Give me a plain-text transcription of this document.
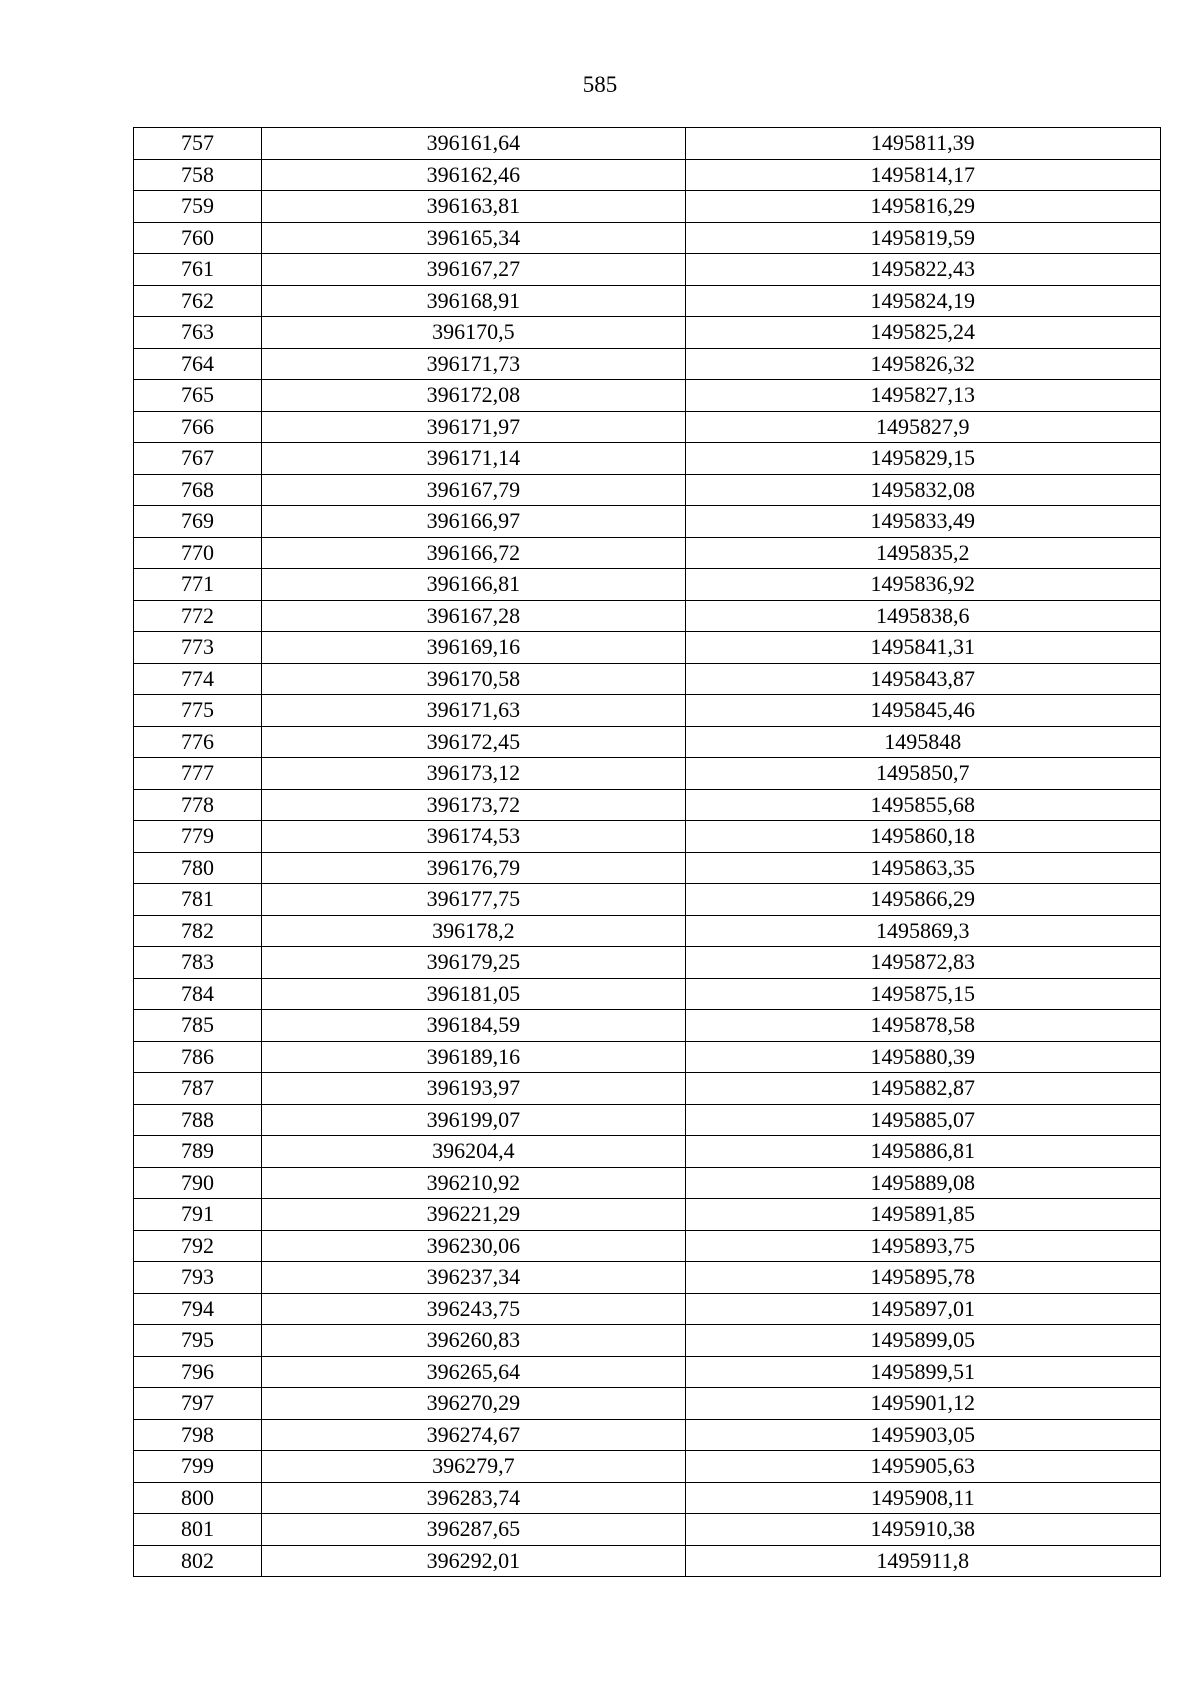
585
757	396161,64	1495811,39
758	396162,46	1495814,17
759	396163,81	1495816,29
760	396165,34	1495819,59
761	396167,27	1495822,43
762	396168,91	1495824,19
763	396170,5	1495825,24
764	396171,73	1495826,32
765	396172,08	1495827,13
766	396171,97	1495827,9
767	396171,14	1495829,15
768	396167,79	1495832,08
769	396166,97	1495833,49
770	396166,72	1495835,2
771	396166,81	1495836,92
772	396167,28	1495838,6
773	396169,16	1495841,31
774	396170,58	1495843,87
775	396171,63	1495845,46
776	396172,45	1495848
777	396173,12	1495850,7
778	396173,72	1495855,68
779	396174,53	1495860,18
780	396176,79	1495863,35
781	396177,75	1495866,29
782	396178,2	1495869,3
783	396179,25	1495872,83
784	396181,05	1495875,15
785	396184,59	1495878,58
786	396189,16	1495880,39
787	396193,97	1495882,87
788	396199,07	1495885,07
789	396204,4	1495886,81
790	396210,92	1495889,08
791	396221,29	1495891,85
792	396230,06	1495893,75
793	396237,34	1495895,78
794	396243,75	1495897,01
795	396260,83	1495899,05
796	396265,64	1495899,51
797	396270,29	1495901,12
798	396274,67	1495903,05
799	396279,7	1495905,63
800	396283,74	1495908,11
801	396287,65	1495910,38
802	396292,01	1495911,8
